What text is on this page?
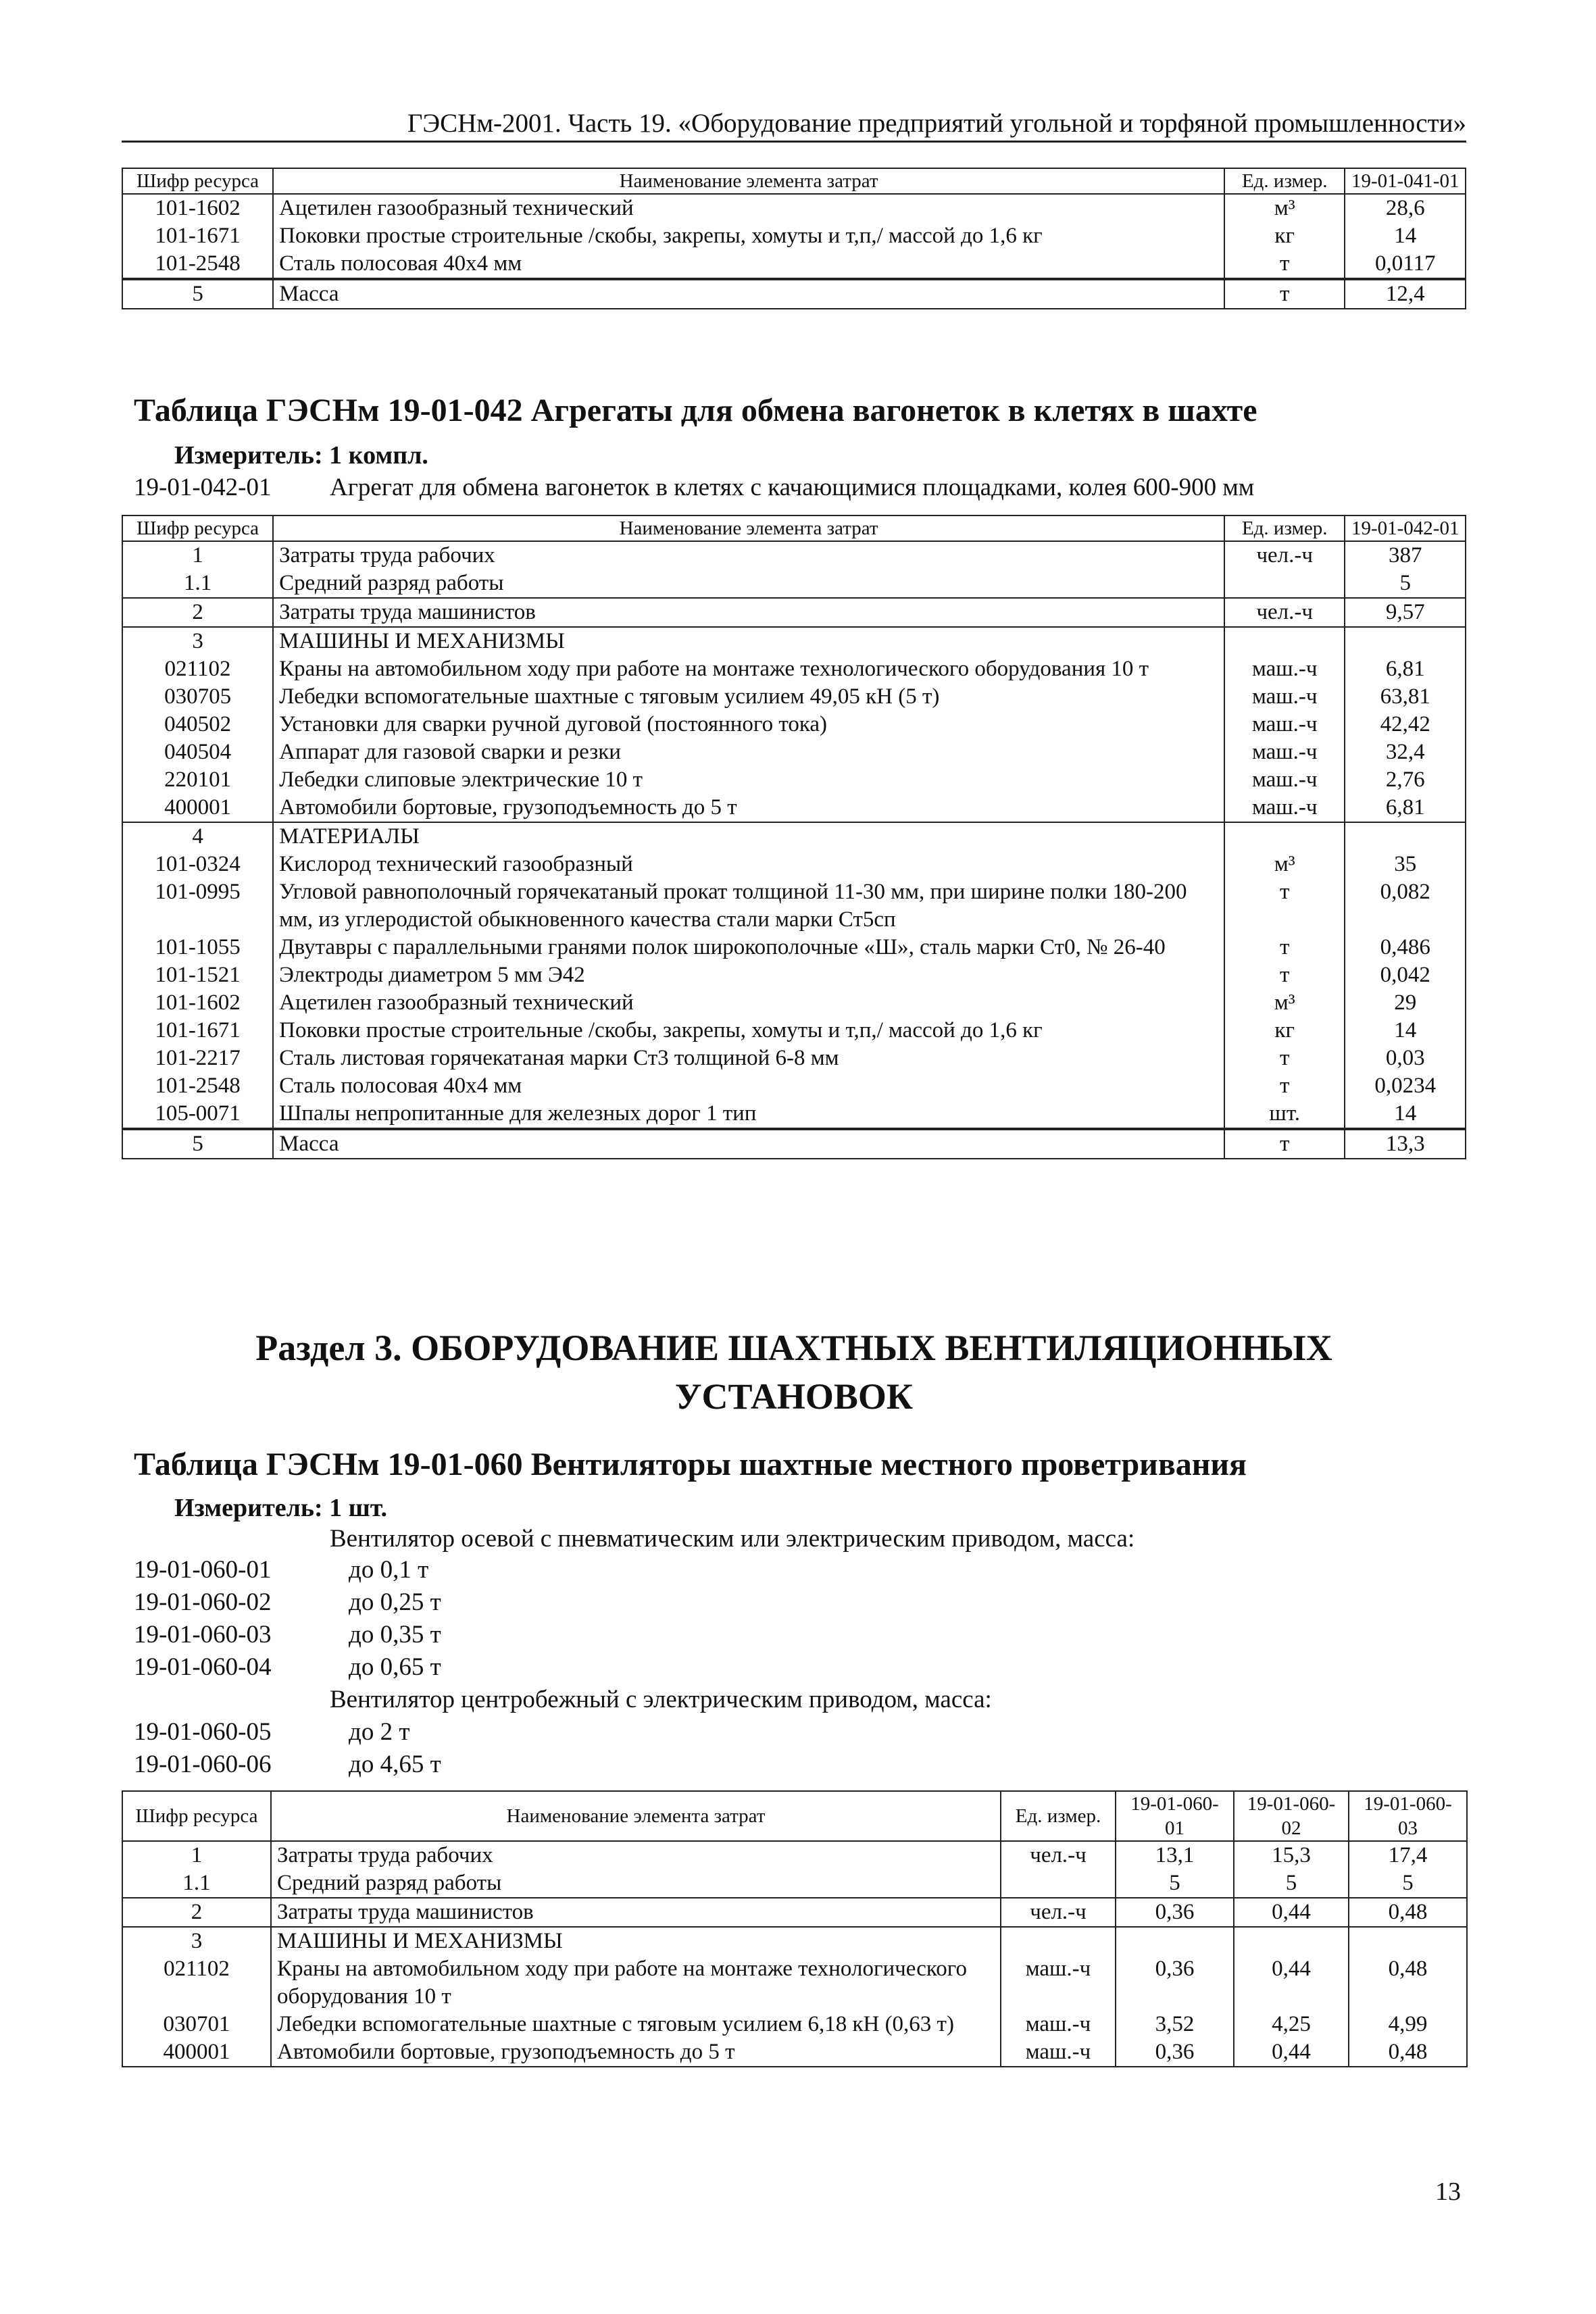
ГЭСНм-2001. Часть 19. «Оборудование предприятий угольной и торфяной промышленности»
Шифр ресурса	Наименование элемента затрат	Ед. измер.	19-01-041-01
101-1602	Ацетилен газообразный технический	м³	28,6
101-1671	Поковки простые строительные /скобы, закрепы, хомуты и т,п,/ массой до 1,6 кг	кг	14
101-2548	Сталь полосовая 40х4 мм	т	0,0117
5	Масса	т	12,4
Таблица ГЭСНм 19-01-042 Агрегаты для обмена вагонеток в клетях в шахте
Измеритель: 1 компл.
19-01-042-01 Агрегат для обмена вагонеток в клетях с качающимися площадками, колея 600-900 мм
Шифр ресурса	Наименование элемента затрат	Ед. измер.	19-01-042-01
1	Затраты труда рабочих	чел.-ч	387
1.1	Средний разряд работы		5
2	Затраты труда машинистов	чел.-ч	9,57
3	МАШИНЫ И МЕХАНИЗМЫ		
021102	Краны на автомобильном ходу при работе на монтаже технологического оборудования 10 т	маш.-ч	6,81
030705	Лебедки вспомогательные шахтные с тяговым усилием 49,05 кН (5 т)	маш.-ч	63,81
040502	Установки для сварки ручной дуговой (постоянного тока)	маш.-ч	42,42
040504	Аппарат для газовой сварки и резки	маш.-ч	32,4
220101	Лебедки слиповые электрические 10 т	маш.-ч	2,76
400001	Автомобили бортовые, грузоподъемность до 5 т	маш.-ч	6,81
4	МАТЕРИАЛЫ		
101-0324	Кислород технический газообразный	м³	35
101-0995	Угловой равнополочный горячекатаный прокат толщиной 11-30 мм, при ширине полки 180-200 мм, из углеродистой обыкновенного качества стали марки Ст5сп	т	0,082
101-1055	Двутавры с параллельными гранями полок широкополочные «Ш», сталь марки Ст0, № 26-40	т	0,486
101-1521	Электроды диаметром 5 мм Э42	т	0,042
101-1602	Ацетилен газообразный технический	м³	29
101-1671	Поковки простые строительные /скобы, закрепы, хомуты и т,п,/ массой до 1,6 кг	кг	14
101-2217	Сталь листовая горячекатаная марки Ст3 толщиной 6-8 мм	т	0,03
101-2548	Сталь полосовая 40х4 мм	т	0,0234
105-0071	Шпалы непропитанные для железных дорог 1 тип	шт.	14
5	Масса	т	13,3
Раздел 3. ОБОРУДОВАНИЕ ШАХТНЫХ ВЕНТИЛЯЦИОННЫХ
УСТАНОВОК
Таблица ГЭСНм 19-01-060 Вентиляторы шахтные местного проветривания
Измеритель: 1 шт.
Вентилятор осевой с пневматическим или электрическим приводом, масса:
19-01-060-01	до 0,1 т
19-01-060-02	до 0,25 т
19-01-060-03	до 0,35 т
19-01-060-04	до 0,65 т
Вентилятор центробежный с электрическим приводом, масса:
19-01-060-05	до 2 т
19-01-060-06	до 4,65 т
Шифр ресурса	Наименование элемента затрат	Ед. измер.	19-01-060-01	19-01-060-02	19-01-060-03
1	Затраты труда рабочих	чел.-ч	13,1	15,3	17,4
1.1	Средний разряд работы		5	5	5
2	Затраты труда машинистов	чел.-ч	0,36	0,44	0,48
3	МАШИНЫ И МЕХАНИЗМЫ				
021102	Краны на автомобильном ходу при работе на монтаже технологического оборудования 10 т	маш.-ч	0,36	0,44	0,48
030701	Лебедки вспомогательные шахтные с тяговым усилием 6,18 кН (0,63 т)	маш.-ч	3,52	4,25	4,99
400001	Автомобили бортовые, грузоподъемность до 5 т	маш.-ч	0,36	0,44	0,48
13
